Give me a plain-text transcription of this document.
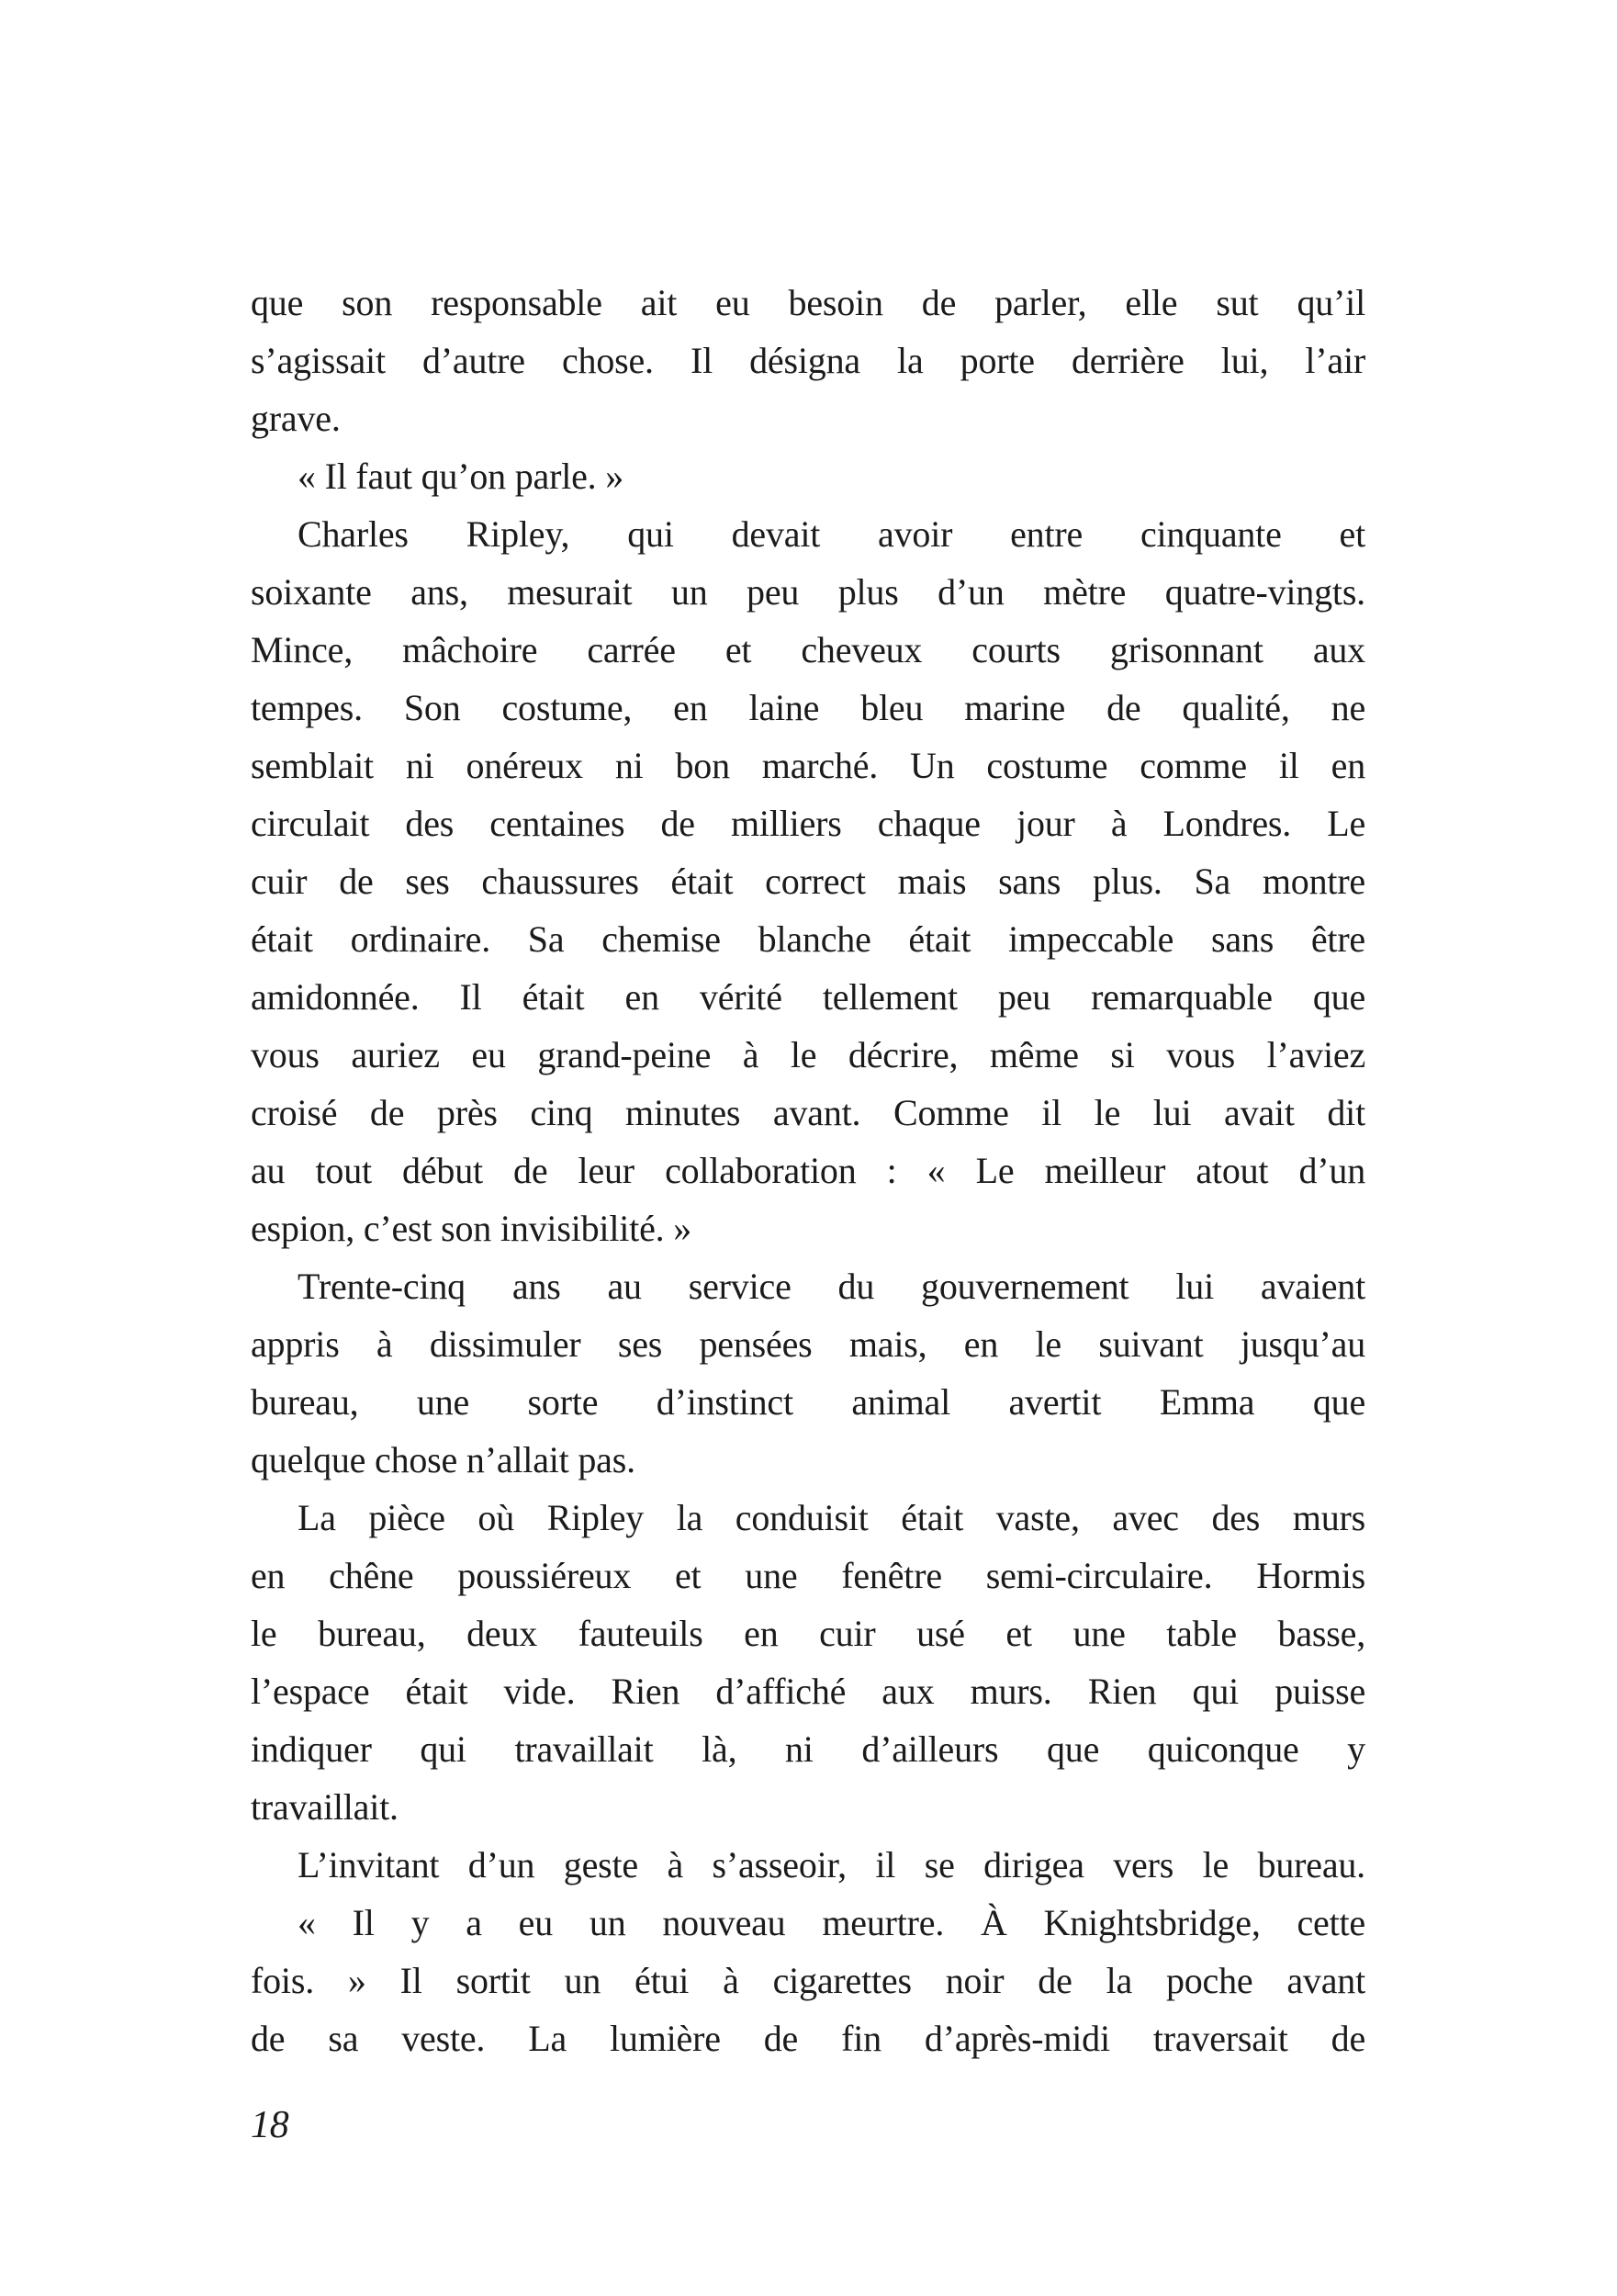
que son responsable ait eu besoin de parler, elle sut qu’il
s’agissait d’autre chose. Il désigna la porte derrière lui, l’air
grave.
« Il faut qu’on parle. »
Charles Ripley, qui devait avoir entre cinquante et
soixante ans, mesurait un peu plus d’un mètre quatre-vingts.
Mince, mâchoire carrée et cheveux courts grisonnant aux
tempes. Son costume, en laine bleu marine de qualité, ne
semblait ni onéreux ni bon marché. Un costume comme il en
circulait des centaines de milliers chaque jour à Londres. Le
cuir de ses chaussures était correct mais sans plus. Sa montre
était ordinaire. Sa chemise blanche était impeccable sans être
amidonnée. Il était en vérité tellement peu remarquable que
vous auriez eu grand-peine à le décrire, même si vous l’aviez
croisé de près cinq minutes avant. Comme il le lui avait dit
au tout début de leur collaboration : « Le meilleur atout d’un
espion, c’est son invisibilité. »
Trente-cinq ans au service du gouvernement lui avaient
appris à dissimuler ses pensées mais, en le suivant jusqu’au
bureau, une sorte d’instinct animal avertit Emma que
quelque chose n’allait pas.
La pièce où Ripley la conduisit était vaste, avec des murs
en chêne poussiéreux et une fenêtre semi-circulaire. Hormis
le bureau, deux fauteuils en cuir usé et une table basse,
l’espace était vide. Rien d’affiché aux murs. Rien qui puisse
indiquer qui travaillait là, ni d’ailleurs que quiconque y
travaillait.
L’invitant d’un geste à s’asseoir, il se dirigea vers le bureau.
« Il y a eu un nouveau meurtre. À Knightsbridge, cette
fois. » Il sortit un étui à cigarettes noir de la poche avant
de sa veste. La lumière de fin d’après-midi traversait de
18
